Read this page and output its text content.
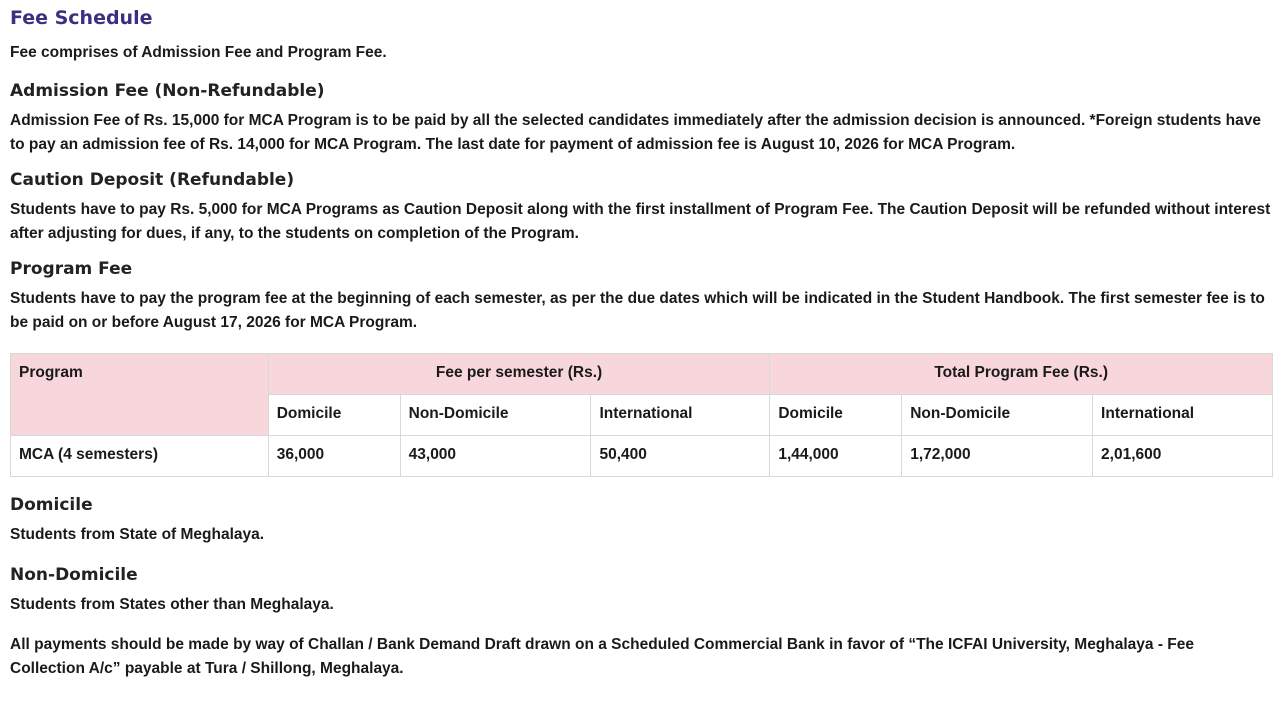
Fee Schedule

Fee comprises of Admission Fee and Program Fee.

Admission Fee (Non-Refundable)

Admission Fee of Rs. 15,000 for MCA Program is to be paid by all the selected candidates immediately after the admission decision is announced. *Foreign students have to pay an admission fee of Rs. 14,000 for MCA Program. The last date for payment of admission fee is August 10, 2026 for MCA Program.

Caution Deposit (Refundable)

Students have to pay Rs. 5,000 for MCA Programs as Caution Deposit along with the first installment of Program Fee. The Caution Deposit will be refunded without interest after adjusting for dues, if any, to the students on completion of the Program.

Program Fee

Students have to pay the program fee at the beginning of each semester, as per the due dates which will be indicated in the Student Handbook. The first semester fee is to be paid on or before August 17, 2026 for MCA Program.

Program	Fee per semester (Rs.)			Total Program Fee (Rs.)		
	Domicile	Non-Domicile	International	Domicile	Non-Domicile	International
MCA (4 semesters)	36,000	43,000	50,400	1,44,000	1,72,000	2,01,600
Domicile

Students from State of Meghalaya.

Non-Domicile

Students from States other than Meghalaya.

All payments should be made by way of Challan / Bank Demand Draft drawn on a Scheduled Commercial Bank in favor of “The ICFAI University, Meghalaya - Fee Collection A/c” payable at Tura / Shillong, Meghalaya.
